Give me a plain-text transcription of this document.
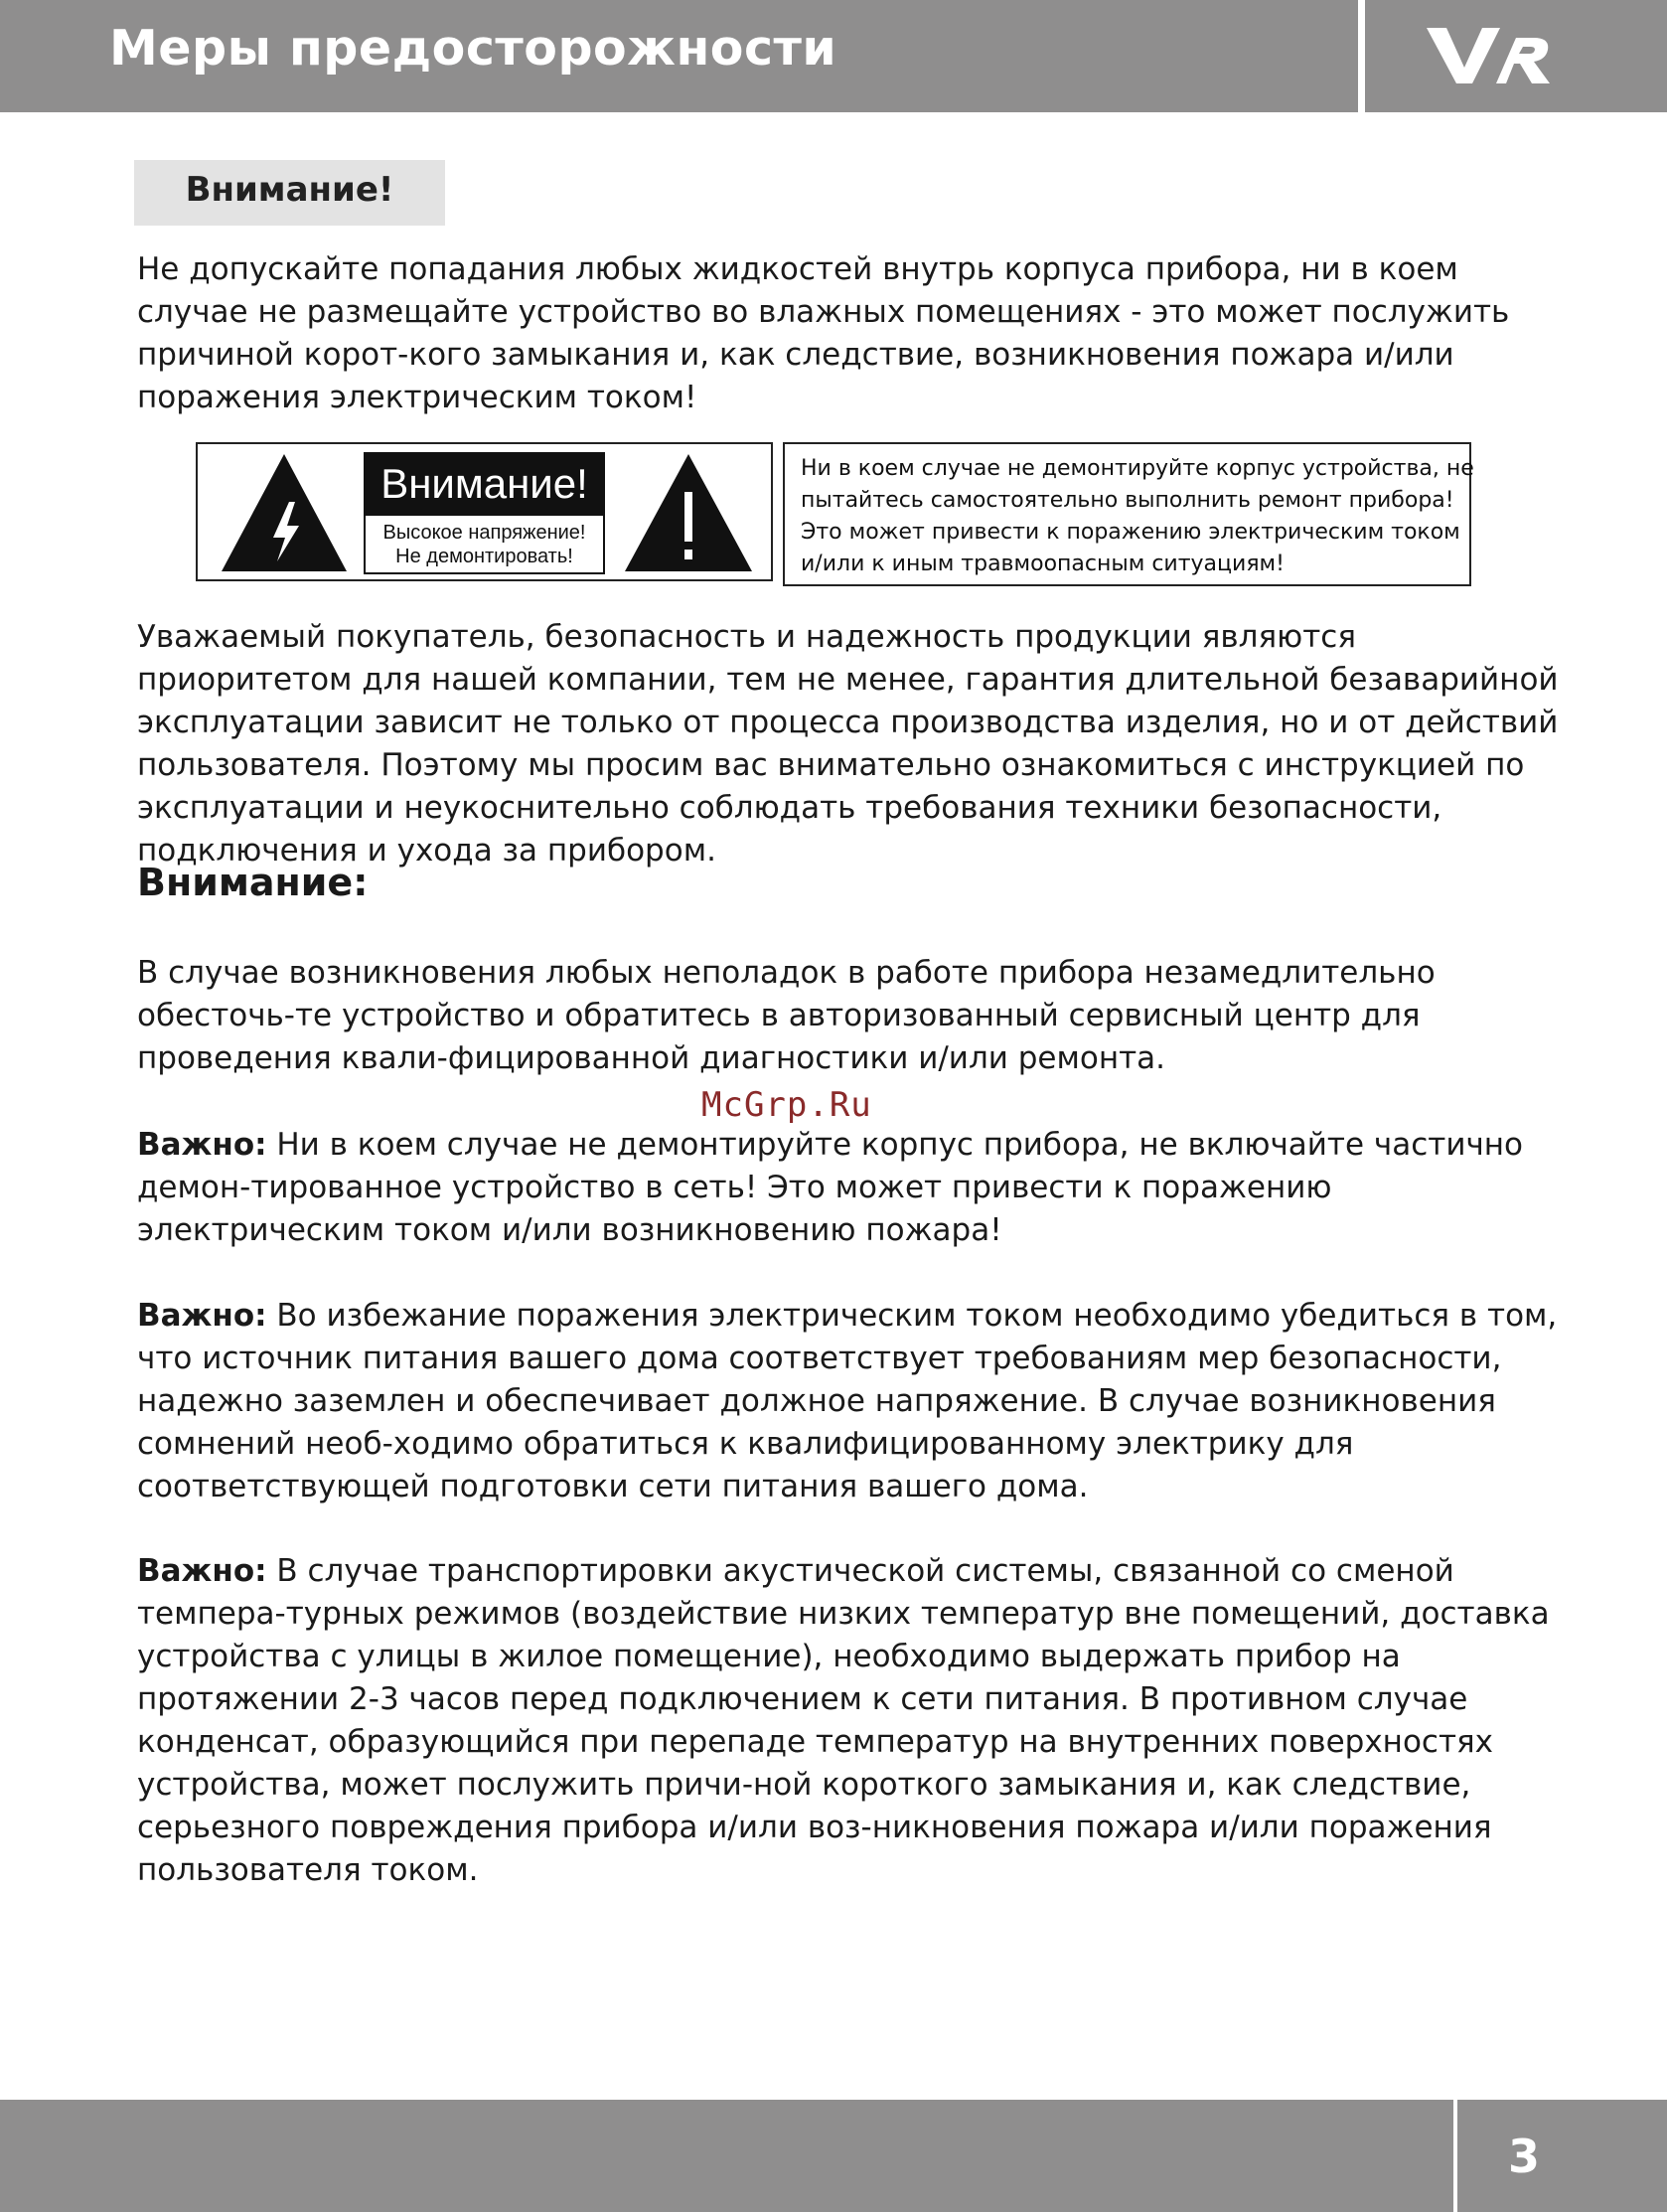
Меры предосторожности
Внимание!

Не допускайте попадания любых жидкостей внутрь корпуса прибора, ни в коем случае не размещайте устройство во влажных помещениях - это может послужить причиной корот-кого замыкания и, как следствие, возникновения пожара и/или поражения электрическим током!

Внимание!
Высокое напряжение!
Не демонтировать!
Ни в коем случае не демонтируйте корпус устройства, не
пытайтесь самостоятельно выполнить ремонт прибора!
Это может привести к поражению электрическим током
и/или к иным травмоопасным ситуациям!

Уважаемый покупатель, безопасность и надежность продукции являются приоритетом для нашей компании, тем не менее, гарантия длительной безаварийной эксплуатации зависит не только от процесса производства изделия, но и от действий пользователя. Поэтому мы просим вас внимательно ознакомиться с инструкцией по эксплуатации и неукоснительно соблюдать требования техники безопасности, подключения и ухода за прибором.

Внимание:

В случае возникновения любых неполадок в работе прибора незамедлительно обесточь-те устройство и обратитесь в авторизованный сервисный центр для проведения квали-фицированной диагностики и/или ремонта.

McGrp.Ru

Важно: Ни в коем случае не демонтируйте корпус прибора, не включайте частично демон-тированное устройство в сеть! Это может привести к поражению электрическим током и/или возникновению пожара!

Важно: Во избежание поражения электрическим током необходимо убедиться в том, что источник питания вашего дома соответствует требованиям мер безопасности, надежно заземлен и обеспечивает должное напряжение. В случае возникновения сомнений необ-ходимо обратиться к квалифицированному электрику для соответствующей подготовки сети питания вашего дома.

Важно: В случае транспортировки акустической системы, связанной со сменой темпера-турных режимов (воздействие низких температур вне помещений, доставка устройства с улицы в жилое помещение), необходимо выдержать прибор на протяжении 2-3 часов перед подключением к сети питания. В противном случае конденсат, образующийся при перепаде температур на внутренних поверхностях устройства, может послужить причи-ной короткого замыкания и, как следствие, серьезного повреждения прибора и/или воз-никновения пожара и/или поражения пользователя током.

3
